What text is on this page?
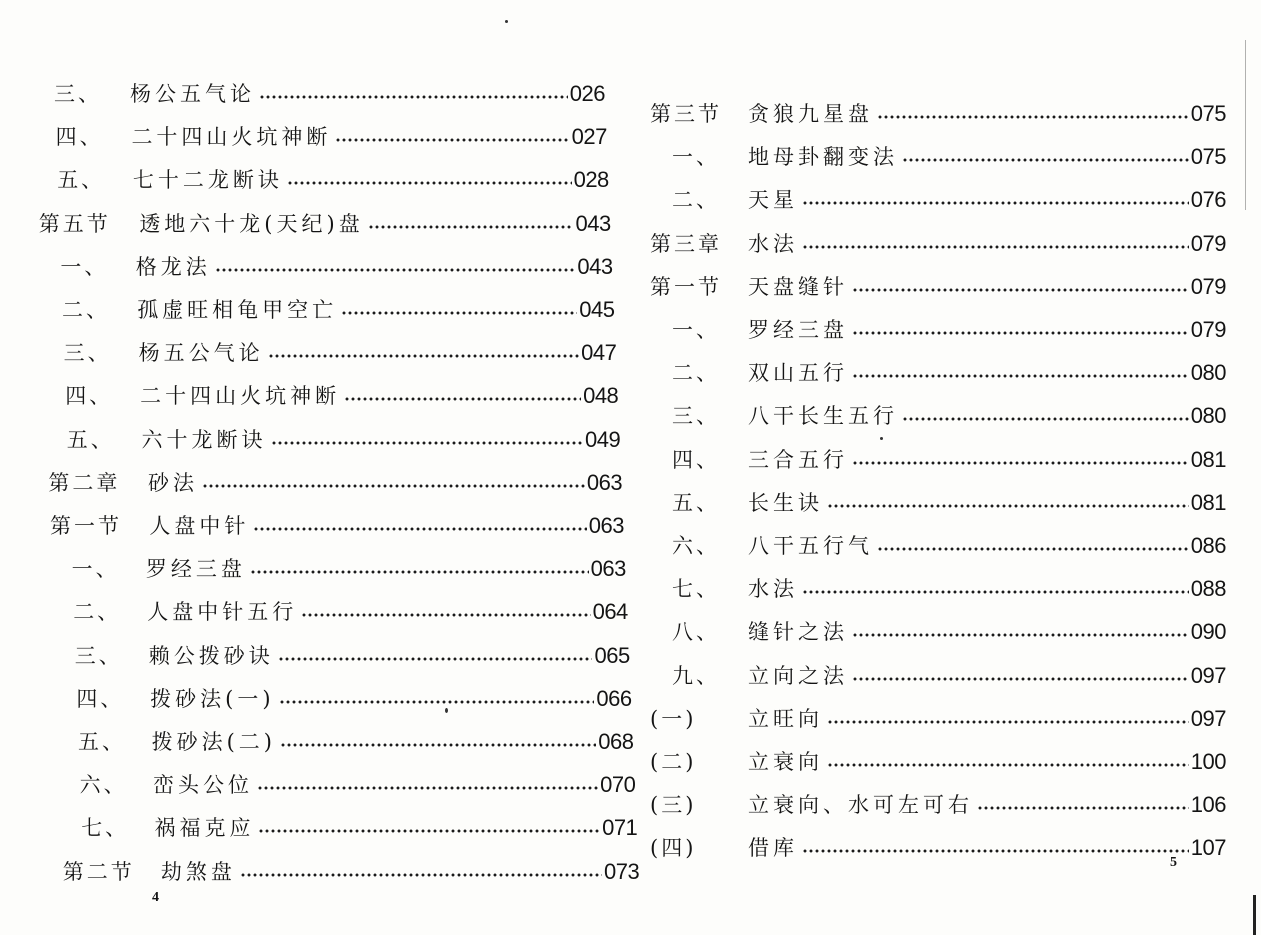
三、 杨公五气论	026
四、 二十四山火坑神断	027
五、 七十二龙断诀	028
第五节 透地六十龙(天纪)盘	043
一、 格龙法	043
二、 孤虚旺相龟甲空亡	045
三、 杨五公气论	047
四、 二十四山火坑神断	048
五、 六十龙断诀	049
第二章 砂法	063
第一节 人盘中针	063
一、 罗经三盘	063
二、 人盘中针五行	064
三、 赖公拨砂诀	065
四、 拨砂法(一)	066
五、 拨砂法(二)	068
六、 峦头公位	070
七、 祸福克应	071
第二节 劫煞盘	073
第三节 贪狼九星盘	075
一、 地母卦翻变法	075
二、 天星	076
第三章 水法	079
第一节 天盘缝针	079
一、 罗经三盘	079
二、 双山五行	080
三、 八干长生五行	080
四、 三合五行	081
五、 长生诀	081
六、 八干五行气	086
七、 水法	088
八、 缝针之法	090
九、 立向之法	097
(一) 立旺向	097
(二) 立衰向	100
(三) 立衰向、水可左可右	106
(四) 借库	107
4
5
